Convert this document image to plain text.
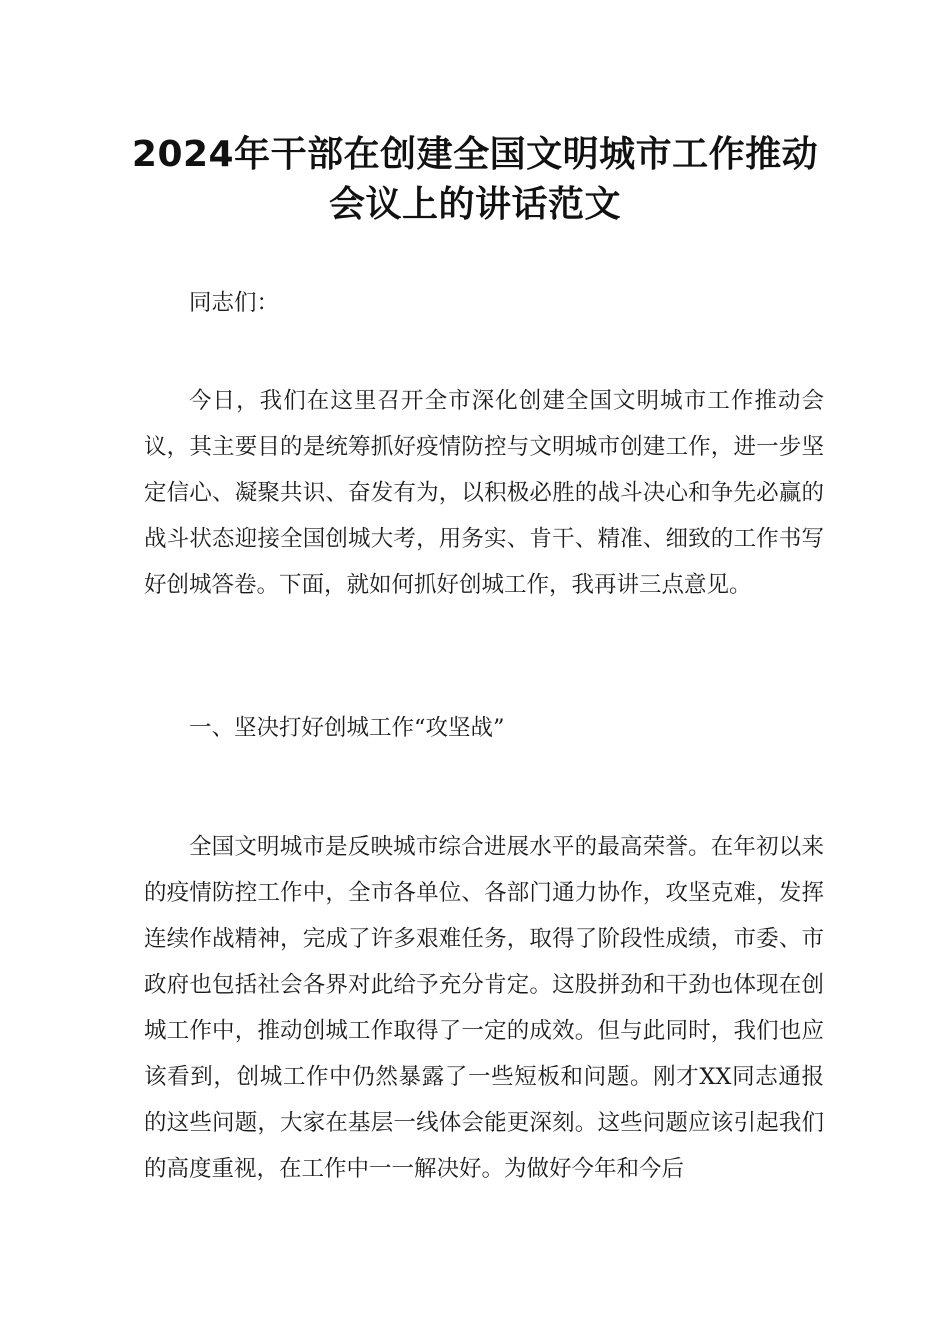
2024年干部在创建全国文明城市工作推动会议上的讲话范文

同志们：

今日，我们在这里召开全市深化创建全国文明城市工作推动会议，其主要目的是统筹抓好疫情防控与文明城市创建工作，进一步坚定信心、凝聚共识、奋发有为，以积极必胜的战斗决心和争先必赢的战斗状态迎接全国创城大考，用务实、肯干、精准、细致的工作书写好创城答卷。下面，就如何抓好创城工作，我再讲三点意见。

一、坚决打好创城工作“攻坚战”

全国文明城市是反映城市综合进展水平的最高荣誉。在年初以来的疫情防控工作中，全市各单位、各部门通力协作，攻坚克难，发挥连续作战精神，完成了许多艰难任务，取得了阶段性成绩，市委、市政府也包括社会各界对此给予充分肯定。这股拼劲和干劲也体现在创城工作中，推动创城工作取得了一定的成效。但与此同时，我们也应该看到，创城工作中仍然暴露了一些短板和问题。刚才XX同志通报的这些问题，大家在基层一线体会能更深刻。这些问题应该引起我们的高度重视，在工作中一一解决好。为做好今年和今后
